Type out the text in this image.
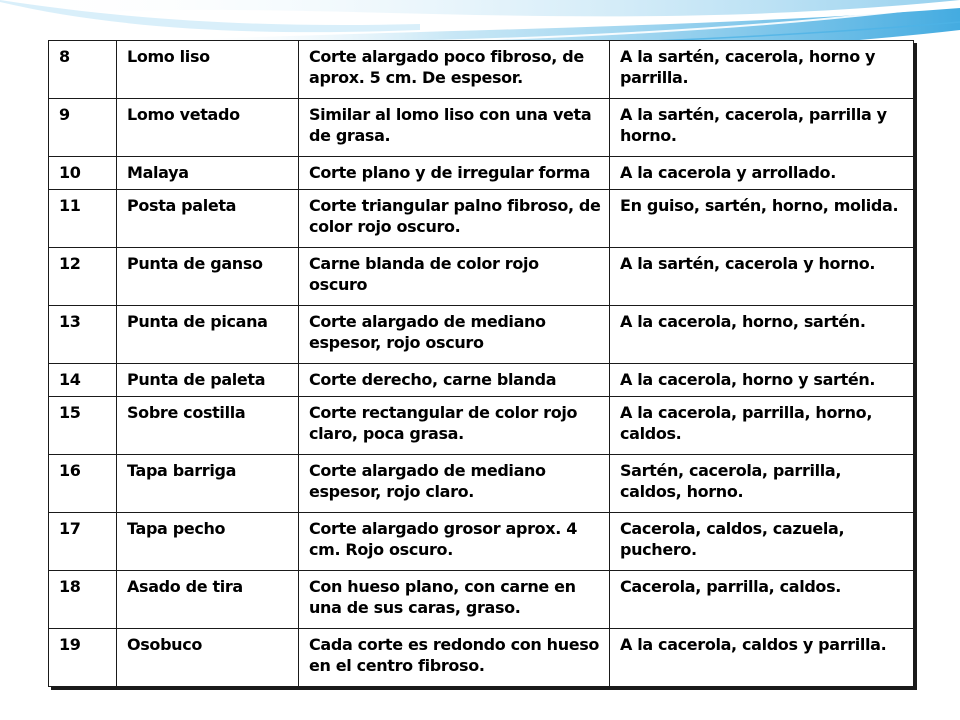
8	Lomo liso	Corte alargado poco fibroso, de aprox. 5 cm. De espesor.	A la sartén, cacerola, horno y parrilla.
9	Lomo vetado	Similar al lomo liso con una veta de grasa.	A la sartén, cacerola, parrilla y horno.
10	Malaya	Corte plano y de irregular forma	A la cacerola y arrollado.
11	Posta paleta	Corte triangular palno fibroso, de color rojo oscuro.	En guiso, sartén, horno, molida.
12	Punta de ganso	Carne blanda de color rojo oscuro	A la sartén, cacerola y horno.
13	Punta de picana	Corte alargado de mediano espesor, rojo oscuro	A la cacerola, horno, sartén.
14	Punta de paleta	Corte derecho, carne blanda	A la cacerola, horno y sartén.
15	Sobre costilla	Corte rectangular de color rojo claro, poca grasa.	A la cacerola, parrilla, horno, caldos.
16	Tapa barriga	Corte alargado de mediano espesor, rojo claro.	Sartén, cacerola, parrilla, caldos, horno.
17	Tapa pecho	Corte alargado grosor aprox. 4 cm. Rojo oscuro.	Cacerola, caldos, cazuela, puchero.
18	Asado de tira	Con hueso plano, con carne en una de sus caras, graso.	Cacerola, parrilla, caldos.
19	Osobuco	Cada corte es redondo con hueso en el centro fibroso.	A la cacerola, caldos y parrilla.
